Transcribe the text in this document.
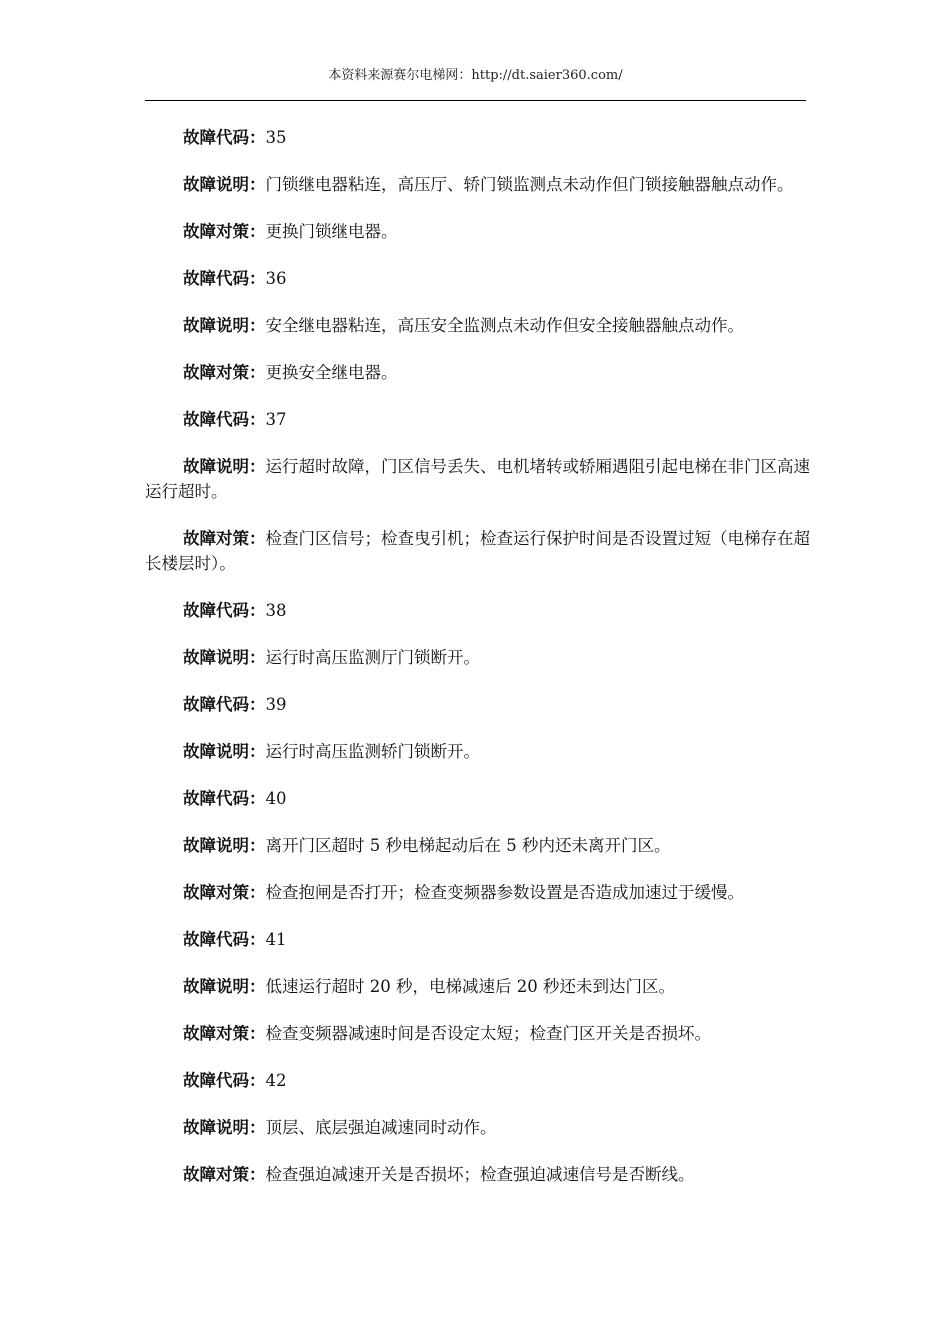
本资料来源赛尔电梯网：http://dt.saier360.com/

故障代码：35

故障说明：门锁继电器粘连，高压厅、轿门锁监测点未动作但门锁接触器触点动作。

故障对策：更换门锁继电器。

故障代码：36

故障说明：安全继电器粘连，高压安全监测点未动作但安全接触器触点动作。

故障对策：更换安全继电器。

故障代码：37

故障说明：运行超时故障，门区信号丢失、电机堵转或轿厢遇阻引起电梯在非门区高速运行超时。

故障对策：检查门区信号；检查曳引机；检查运行保护时间是否设置过短（电梯存在超长楼层时）。

故障代码：38

故障说明：运行时高压监测厅门锁断开。

故障代码：39

故障说明：运行时高压监测轿门锁断开。

故障代码：40

故障说明：离开门区超时 5 秒电梯起动后在 5 秒内还未离开门区。

故障对策：检查抱闸是否打开；检查变频器参数设置是否造成加速过于缓慢。

故障代码：41

故障说明：低速运行超时 20 秒，电梯减速后 20 秒还未到达门区。

故障对策：检查变频器减速时间是否设定太短；检查门区开关是否损坏。

故障代码：42

故障说明：顶层、底层强迫减速同时动作。

故障对策：检查强迫减速开关是否损坏；检查强迫减速信号是否断线。
